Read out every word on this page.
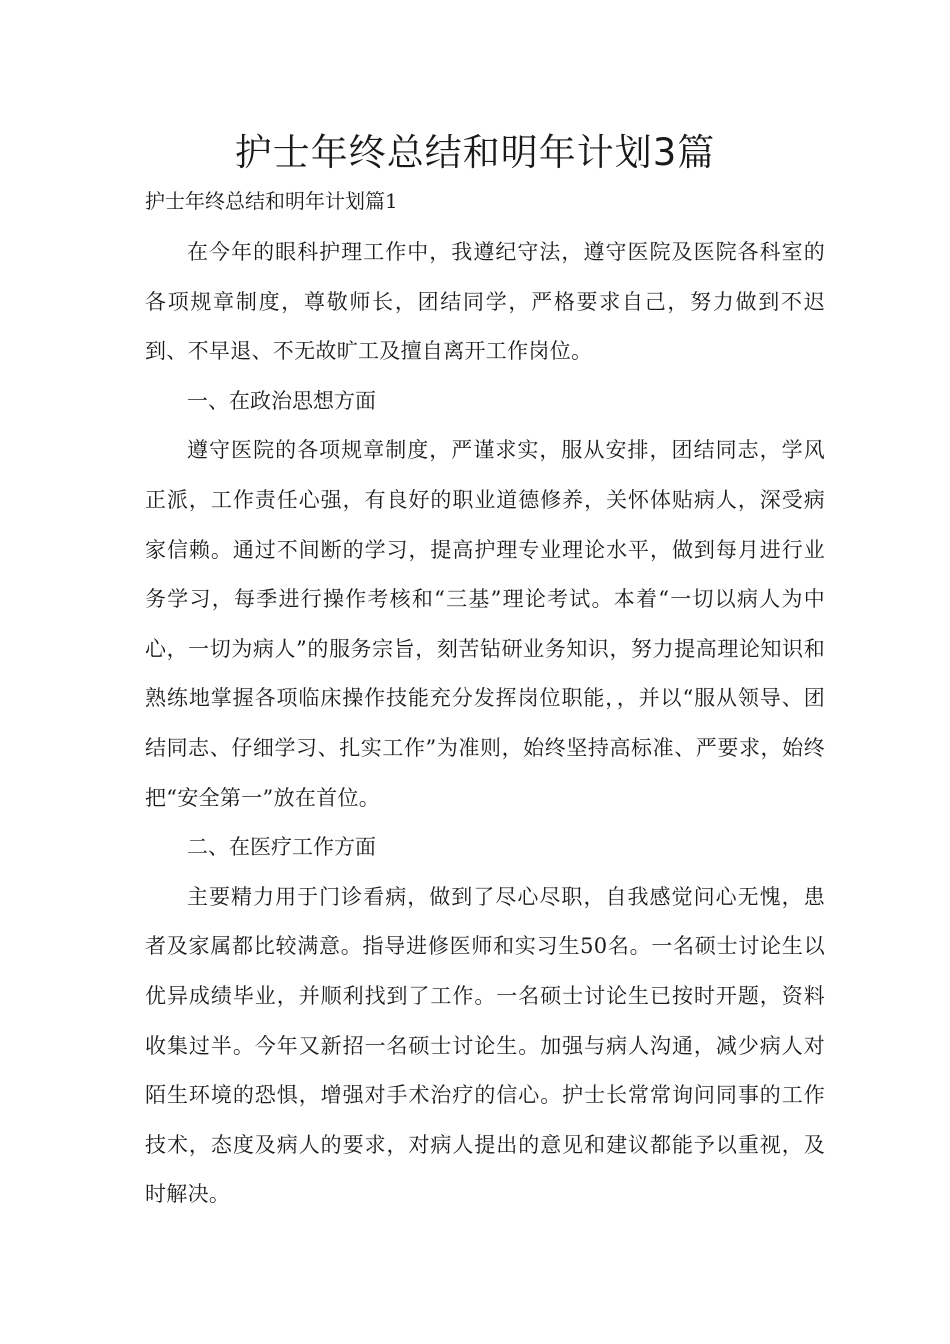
护士年终总结和明年计划3篇
护士年终总结和明年计划篇1

在今年的眼科护理工作中，我遵纪守法，遵守医院及医院各科室的各项规章制度，尊敬师长，团结同学，严格要求自己，努力做到不迟到、不早退、不无故旷工及擅自离开工作岗位。

一、在政治思想方面

遵守医院的各项规章制度，严谨求实，服从安排，团结同志，学风正派，工作责任心强，有良好的职业道德修养，关怀体贴病人，深受病家信赖。通过不间断的学习，提高护理专业理论水平，做到每月进行业务学习，每季进行操作考核和“三基”理论考试。本着“一切以病人为中心，一切为病人”的服务宗旨，刻苦钻研业务知识，努力提高理论知识和熟练地掌握各项临床操作技能充分发挥岗位职能，，并以“服从领导、团结同志、仔细学习、扎实工作”为准则，始终坚持高标准、严要求，始终把“安全第一”放在首位。

二、在医疗工作方面

主要精力用于门诊看病，做到了尽心尽职，自我感觉问心无愧，患者及家属都比较满意。指导进修医师和实习生50名。一名硕士讨论生以优异成绩毕业，并顺利找到了工作。一名硕士讨论生已按时开题，资料收集过半。今年又新招一名硕士讨论生。加强与病人沟通，减少病人对陌生环境的恐惧，增强对手术治疗的信心。护士长常常询问同事的工作技术，态度及病人的要求，对病人提出的意见和建议都能予以重视，及时解决。
